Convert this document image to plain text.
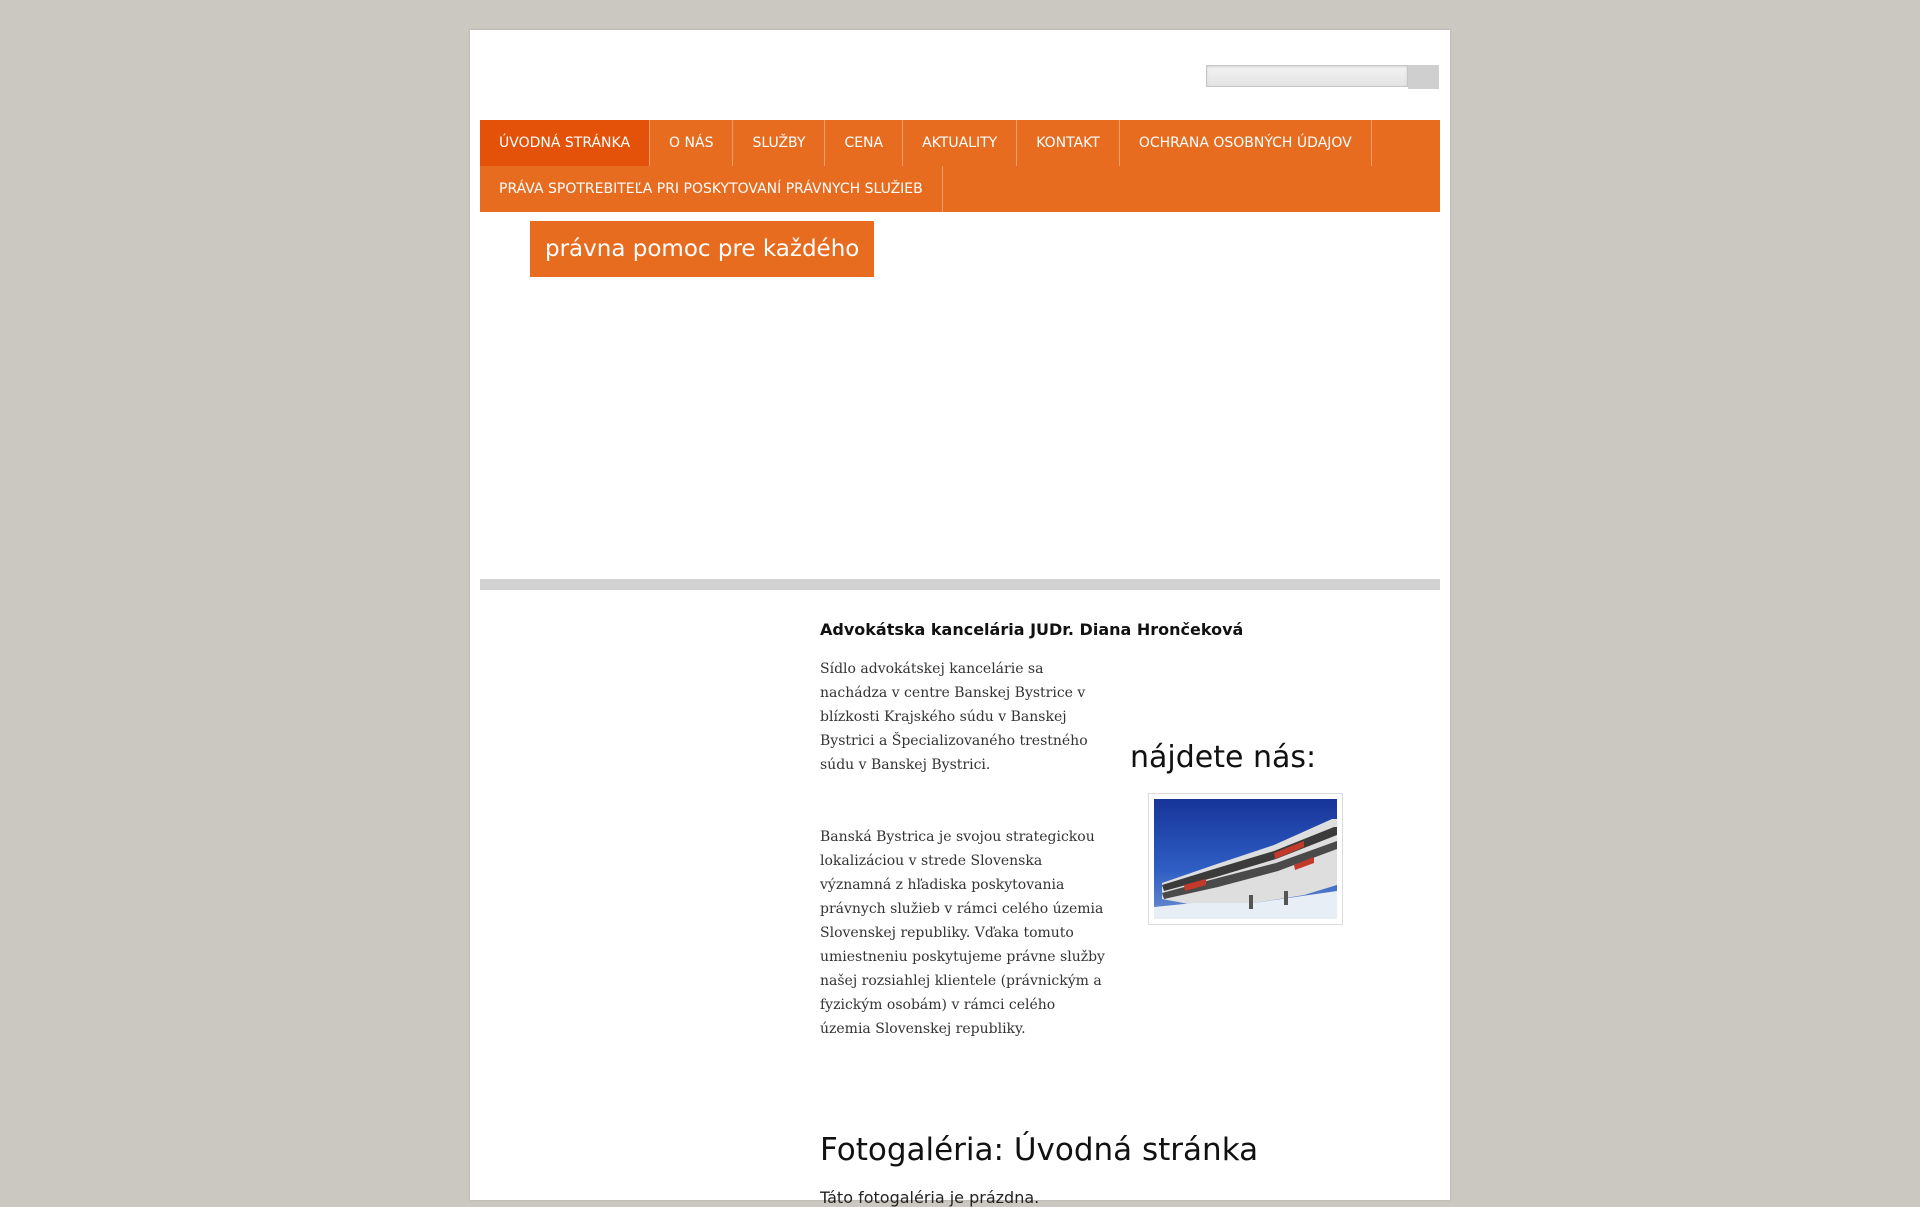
ÚVODNÁ STRÁNKA	O NÁS	SLUŽBY	CENA	AKTUALITY	KONTAKT	OCHRANA OSOBNÝCH ÚDAJOV
PRÁVA SPOTREBITEĽA PRI POSKYTOVANÍ PRÁVNYCH SLUŽIEB
právna pomoc pre každého
Advokátska kancelária JUDr. Diana Hrončeková

Sídlo advokátskej kancelárie sa nachádza v centre Banskej Bystrice v blízkosti Krajského súdu v Banskej Bystrici a Špecializovaného trestného súdu v Banskej Bystrici.

Banská Bystrica je svojou strategickou lokalizáciou v strede Slovenska významná z hľadiska poskytovania právnych služieb v rámci celého územia Slovenskej republiky. Vďaka tomuto umiestneniu poskytujeme právne služby našej rozsiahlej klientele (právnickým a fyzickým osobám) v rámci celého územia Slovenskej republiky.

nájdete nás:
Fotogaléria: Úvodná stránka

Táto fotogaléria je prázdna.
